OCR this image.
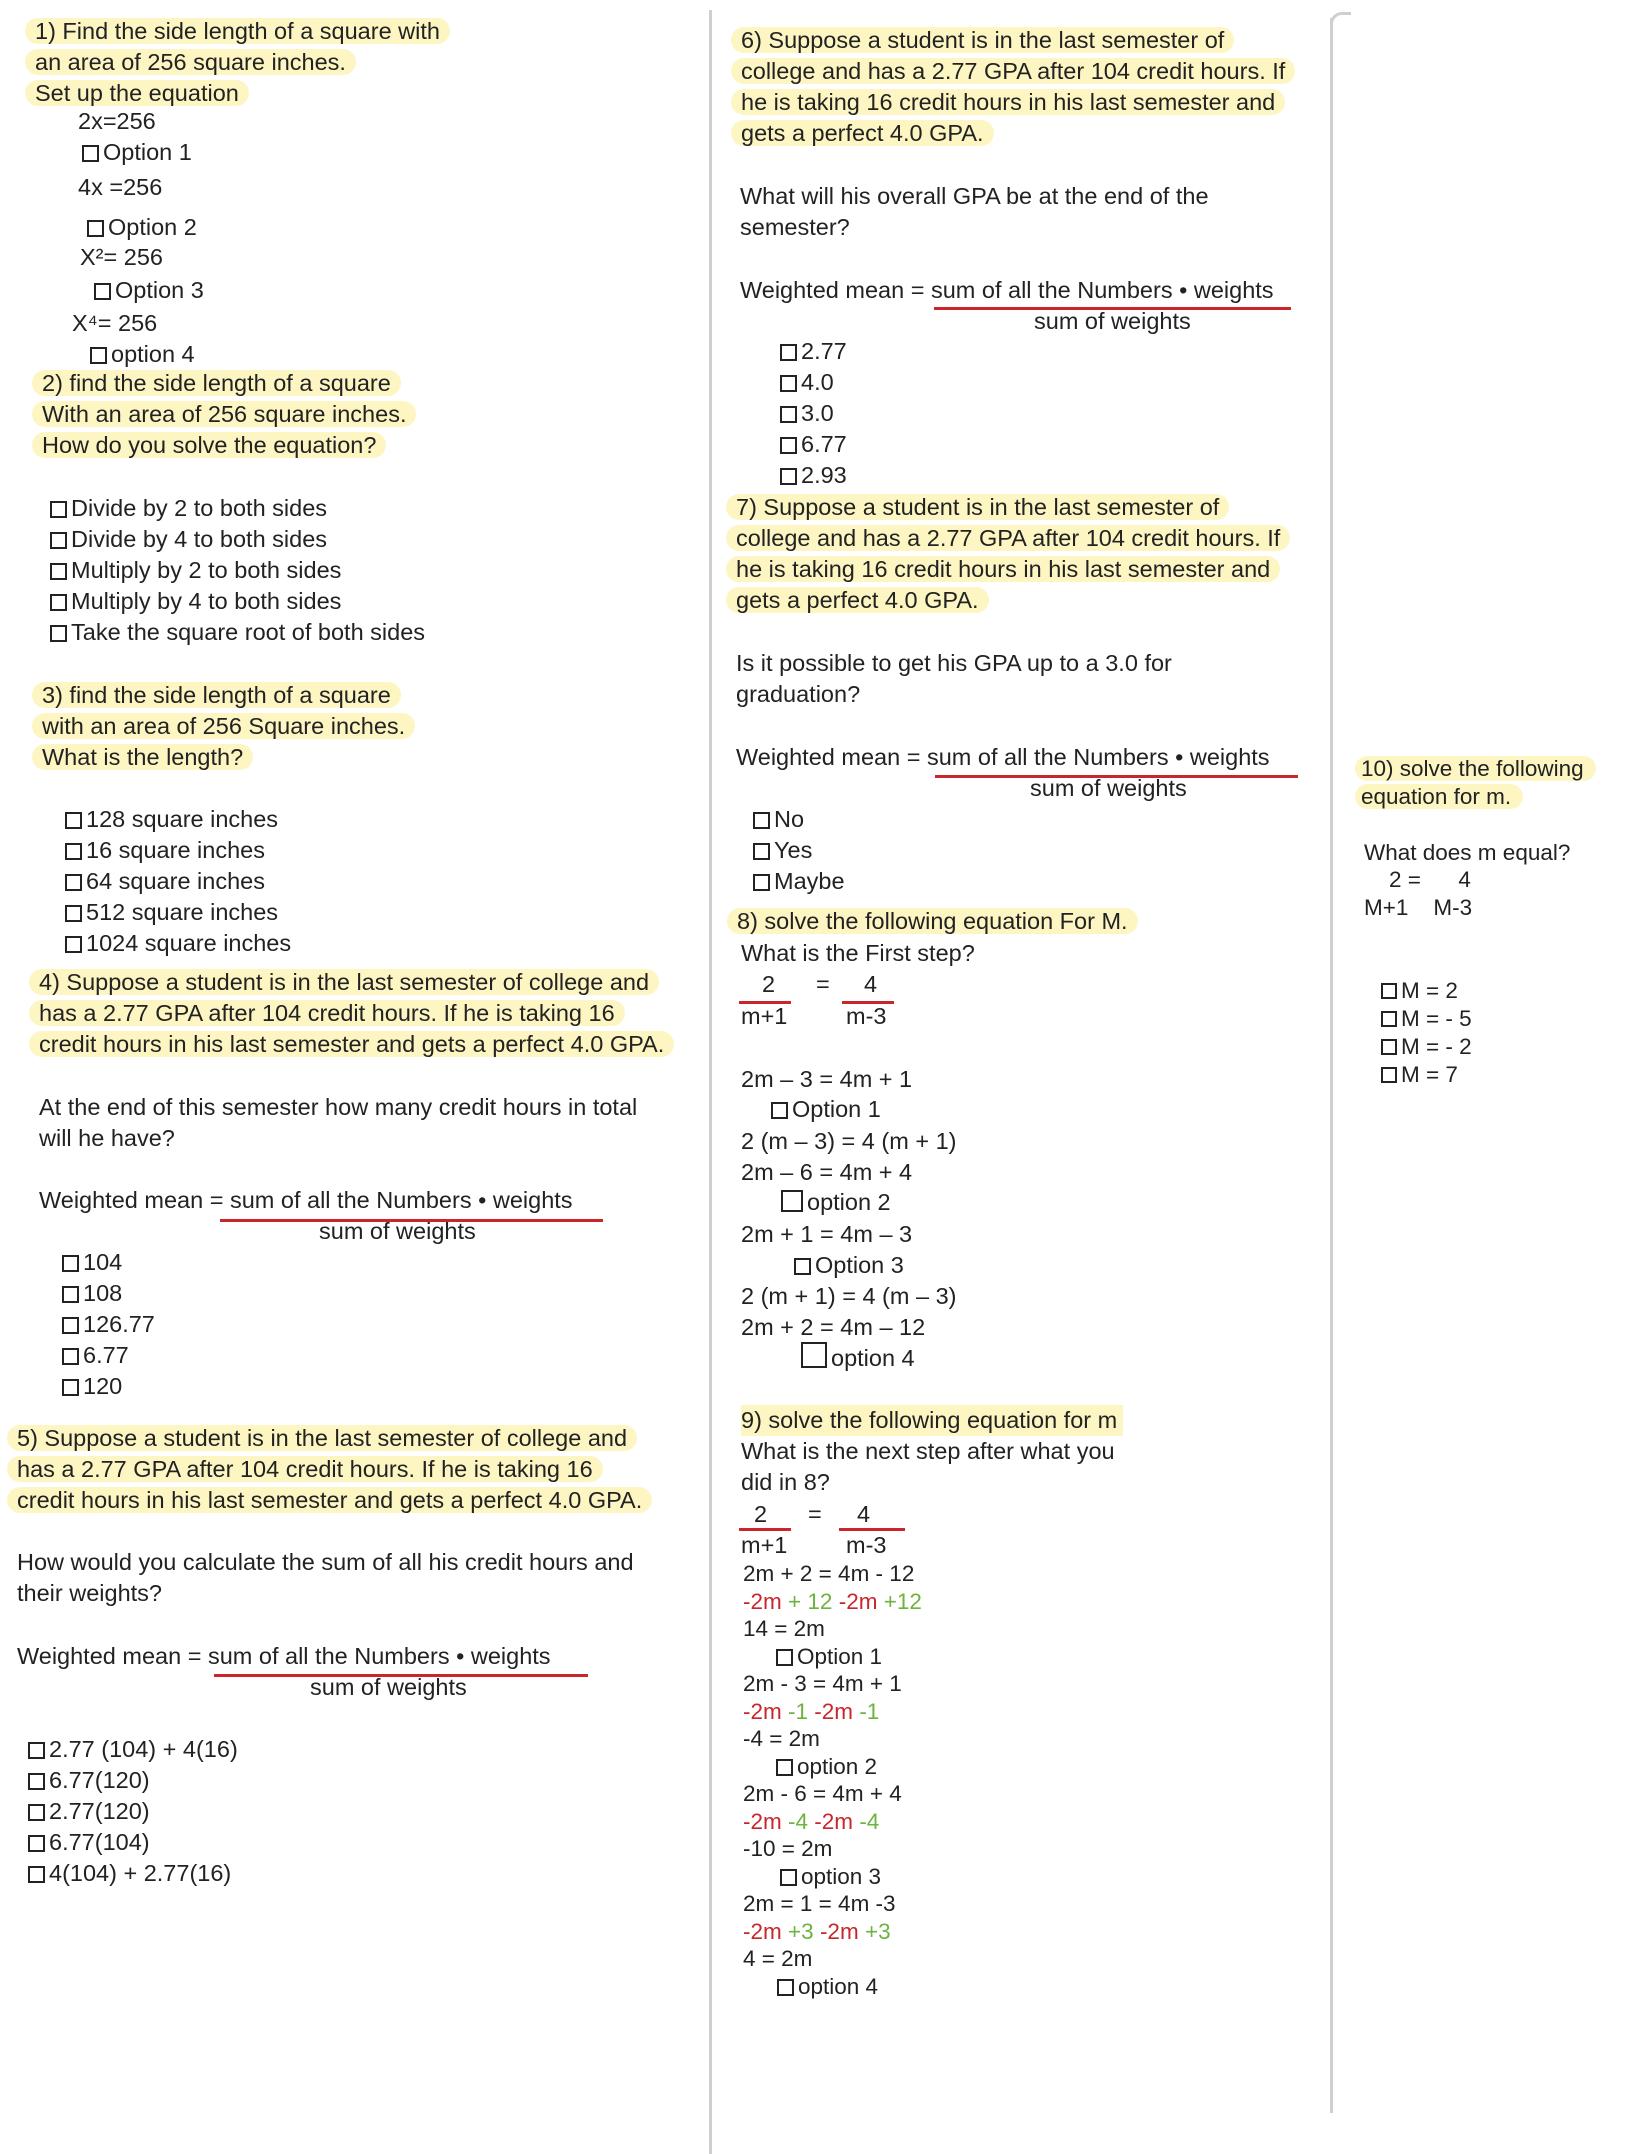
1) Find the side length of a square with
an area of 256 square inches.
Set up the equation
2x=256
Option 1
4x =256
Option 2
X²= 256
Option 3
X⁴= 256
option 4
2) find the side length of a square
With an area of 256 square inches.
How do you solve the equation?
Divide by 2 to both sides
Divide by 4 to both sides
Multiply by 2 to both sides
Multiply by 4 to both sides
Take the square root of both sides
3) find the side length of a square
with an area of 256 Square inches.
What is the length?
128 square inches
16 square inches
64 square inches
512 square inches
1024 square inches
4) Suppose a student is in the last semester of college and
has a 2.77 GPA after 104 credit hours. If he is taking 16
credit hours in his last semester and gets a perfect 4.0 GPA.
At the end of this semester how many credit hours in total
will he have?
Weighted mean = sum of all the Numbers • weights
sum of weights
104
108
126.77
6.77
120
5) Suppose a student is in the last semester of college and
has a 2.77 GPA after 104 credit hours. If he is taking 16
credit hours in his last semester and gets a perfect 4.0 GPA.
How would you calculate the sum of all his credit hours and
their weights?
Weighted mean = sum of all the Numbers • weights
sum of weights
2.77 (104) + 4(16)
6.77(120)
2.77(120)
6.77(104)
4(104) + 2.77(16)
6) Suppose a student is in the last semester of
college and has a 2.77 GPA after 104 credit hours. If
he is taking 16 credit hours in his last semester and
gets a perfect 4.0 GPA.
What will his overall GPA be at the end of the
semester?
Weighted mean = sum of all the Numbers • weights
sum of weights
2.77
4.0
3.0
6.77
2.93
7) Suppose a student is in the last semester of
college and has a 2.77 GPA after 104 credit hours. If
he is taking 16 credit hours in his last semester and
gets a perfect 4.0 GPA.
Is it possible to get his GPA up to a 3.0 for
graduation?
Weighted mean = sum of all the Numbers • weights
sum of weights
No
Yes
Maybe
8) solve the following equation For M.
What is the First step?
2 = 4
m+1 m-3
2m – 3 = 4m + 1
Option 1
2 (m – 3) = 4 (m + 1)
2m – 6 = 4m + 4
option 2
2m + 1 = 4m – 3
Option 3
2 (m + 1) = 4 (m – 3)
2m + 2 = 4m – 12
option 4
9) solve the following equation for m
What is the next step after what you
did in 8?
2 = 4
m+1 m-3
2m + 2 = 4m - 12
-2m + 12 -2m +12
14 = 2m
Option 1
2m - 3 = 4m + 1
-2m -1 -2m -1
-4 = 2m
option 2
2m - 6 = 4m + 4
-2m -4 -2m -4
-10 = 2m
option 3
2m = 1 = 4m -3
-2m +3 -2m +3
4 = 2m
option 4
10) solve the following
equation for m.
What does m equal?
2 =      4
M+1    M-3
M = 2
M = - 5
M = - 2
M = 7
